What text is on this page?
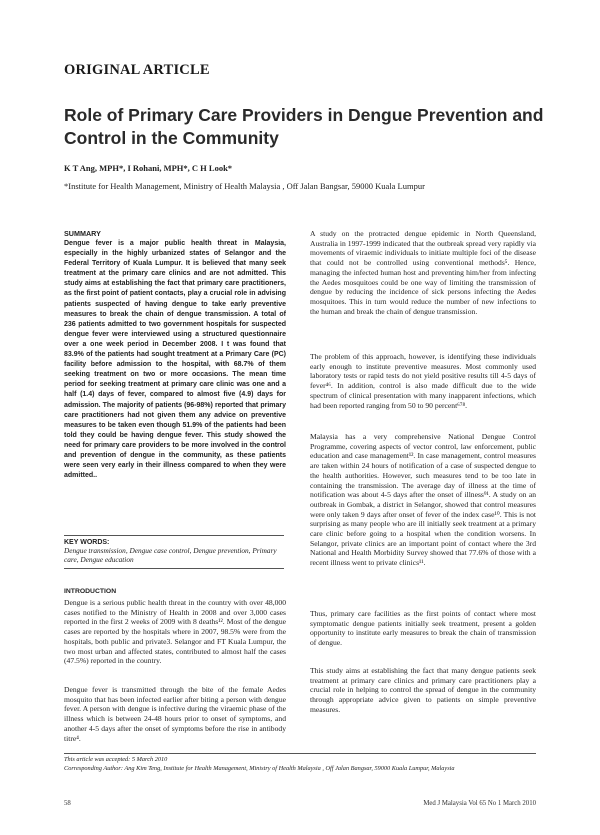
ORIGINAL ARTICLE
Role of Primary Care Providers in Dengue Prevention and Control in the Community
K T Ang, MPH*, I Rohani, MPH*, C H Look*
*Institute for Health Management, Ministry of Health Malaysia , Off Jalan Bangsar, 59000 Kuala Lumpur
SUMMARY
Dengue fever is a major public health threat in Malaysia, especially in the highly urbanized states of Selangor and the Federal Territory of Kuala Lumpur. It is believed that many seek treatment at the primary care clinics and are not admitted. This study aims at establishing the fact that primary care practitioners, as the first point of patient contacts, play a crucial role in advising patients suspected of having dengue to take early preventive measures to break the chain of dengue transmission. A total of 236 patients admitted to two government hospitals for suspected dengue fever were interviewed using a structured questionnaire over a one week period in December 2008. I t was found that 83.9% of the patients had sought treatment at a Primary Care (PC) facility before admission to the hospital, with 68.7% of them seeking treatment on two or more occasions. The mean time period for seeking treatment at primary care clinic was one and a half (1.4) days of fever, compared to almost five (4.9) days for admission. The majority of patients (96-98%) reported that primary care practitioners had not given them any advice on preventive measures to be taken even though 51.9% of the patients had been told they could be having dengue fever. This study showed the need for primary care providers to be more involved in the control and prevention of dengue in the community, as these patients were seen very early in their illness compared to when they were admitted..
KEY WORDS:
Dengue transmission, Dengue case control, Dengue prevention, Primary care, Dengue education
INTRODUCTION
Dengue is a serious public health threat in the country with over 48,000 cases notified to the Ministry of Health in 2008 and over 3,000 cases reported in the first 2 weeks of 2009 with 8 deaths¹². Most of the dengue cases are reported by the hospitals where in 2007, 98.5% were from the hospitals, both public and private3. Selangor and FT Kuala Lumpur, the two most urban and affected states, contributed to almost half the cases (47.5%) reported in the country.
Dengue fever is transmitted through the bite of the female Aedes mosquito that has been infected earlier after biting a person with dengue fever. A person with dengue is infective during the viraemic phase of the illness which is between 24-48 hours prior to onset of symptoms, and another 4-5 days after the onset of symptoms before the rise in antibody titre⁴.
A study on the protracted dengue epidemic in North Queensland, Australia in 1997-1999 indicated that the outbreak spread very rapidly via movements of viraemic individuals to initiate multiple foci of the disease that could not be controlled using conventional methods⁵. Hence, managing the infected human host and preventing him/her from infecting the Aedes mosquitoes could be one way of limiting the transmission of dengue by reducing the incidence of sick persons infecting the Aedes mosquitoes. This in turn would reduce the number of new infections to the human and break the chain of dengue transmission.
The problem of this approach, however, is identifying these individuals early enough to institute preventive measures. Most commonly used laboratory tests or rapid tests do not yield positive results till 4-5 days of fever⁴⁶. In addition, control is also made difficult due to the wide spectrum of clinical presentation with many inapparent infections, which had been reported ranging from 50 to 90 percent⁶⁷⁸.
Malaysia has a very comprehensive National Dengue Control Programme, covering aspects of vector control, law enforcement, public education and case management¹². In case management, control measures are taken within 24 hours of notification of a case of suspected dengue to the health authorities. However, such measures tend to be too late in containing the transmission. The average day of illness at the time of notification was about 4-5 days after the onset of illness⁹¹. A study on an outbreak in Gombak, a district in Selangor, showed that control measures were only taken 9 days after onset of fever of the index case¹⁰. This is not surprising as many people who are ill initially seek treatment at a primary care clinic before going to a hospital when the condition worsens. In Selangor, private clinics are an important point of contact where the 3rd National and Health Morbidity Survey showed that 77.6% of those with a recent illness went to private clinics¹¹.
Thus, primary care facilities as the first points of contact where most symptomatic dengue patients initially seek treatment, present a golden opportunity to institute early measures to break the chain of transmission of dengue.
This study aims at establishing the fact that many dengue patients seek treatment at primary care clinics and primary care practitioners play a crucial role in helping to control the spread of dengue in the community through appropriate advice given to patients on simple preventive measures.
This article was accepted: 5 March 2010
Corresponding Author: Ang Kim Teng, Institute for Health Management, Ministry of Health Malaysia , Off Jalan Bangsar, 59000 Kuala Lumpur, Malaysia
58	Med J Malaysia Vol 65 No 1 March 2010
